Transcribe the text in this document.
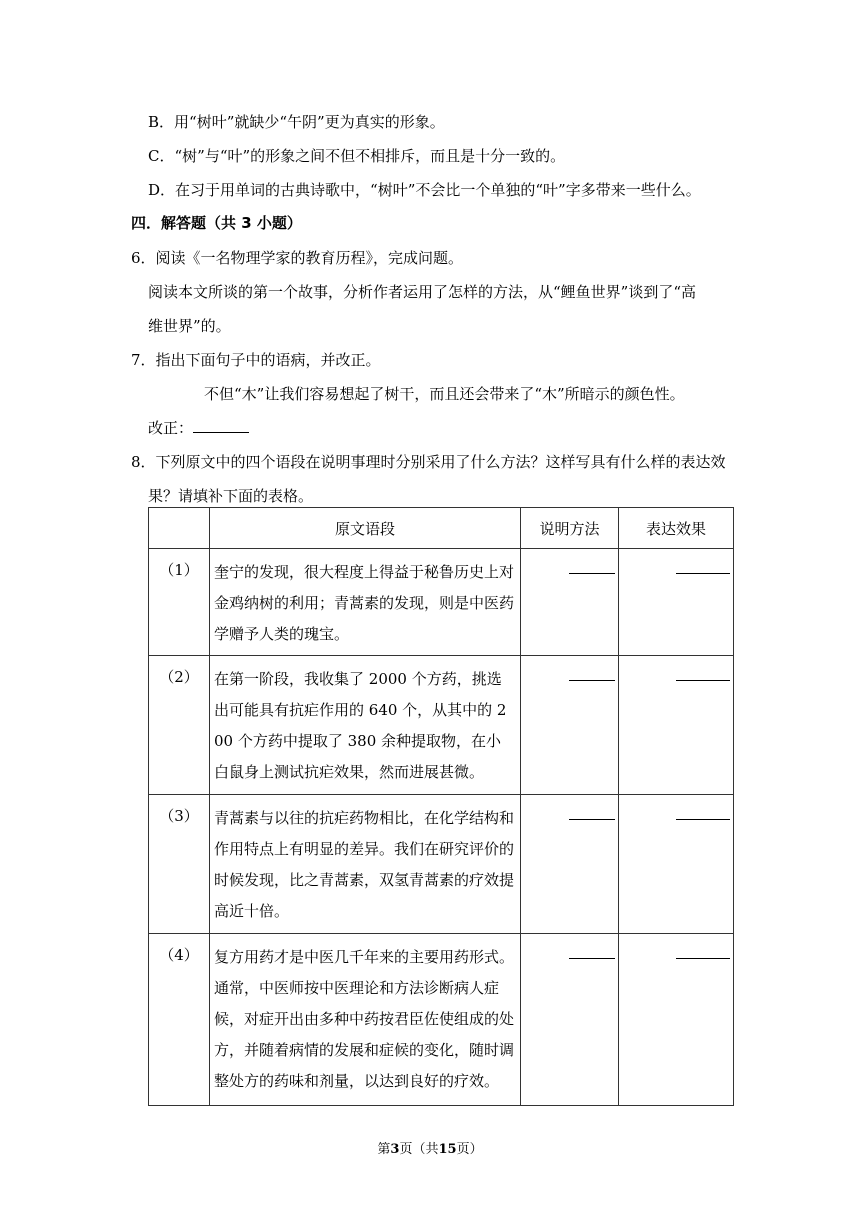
B．用“树叶”就缺少“午阴”更为真实的形象。
C．“树”与“叶”的形象之间不但不相排斥，而且是十分一致的。
D．在习于用单词的古典诗歌中，“树叶”不会比一个单独的“叶”字多带来一些什么。
四．解答题（共 3 小题）
6．阅读《一名物理学家的教育历程》，完成问题。
阅读本文所谈的第一个故事，分析作者运用了怎样的方法，从“鲤鱼世界”谈到了“高
维世界”的。
7．指出下面句子中的语病，并改正。
不但“木”让我们容易想起了树干，而且还会带来了“木”所暗示的颜色性。
改正：
8．下列原文中的四个语段在说明事理时分别采用了什么方法？这样写具有什么样的表达效
果？请填补下面的表格。
	原文语段	说明方法	表达效果
（1）	奎宁的发现，很大程度上得益于秘鲁历史上对金鸡纳树的利用；青蒿素的发现，则是中医药学赠予人类的瑰宝。		
（2）	在第一阶段，我收集了 2000 个方药，挑选出可能具有抗疟作用的 640 个，从其中的 200 个方药中提取了 380 余种提取物，在小白鼠身上测试抗疟效果，然而进展甚微。		
（3）	青蒿素与以往的抗疟药物相比，在化学结构和作用特点上有明显的差异。我们在研究评价的时候发现，比之青蒿素，双氢青蒿素的疗效提高近十倍。		
（4）	复方用药才是中医几千年来的主要用药形式。通常，中医师按中医理论和方法诊断病人症候，对症开出由多种中药按君臣佐使组成的处方，并随着病情的发展和症候的变化，随时调整处方的药味和剂量，以达到良好的疗效。		
第3页（共15页）
